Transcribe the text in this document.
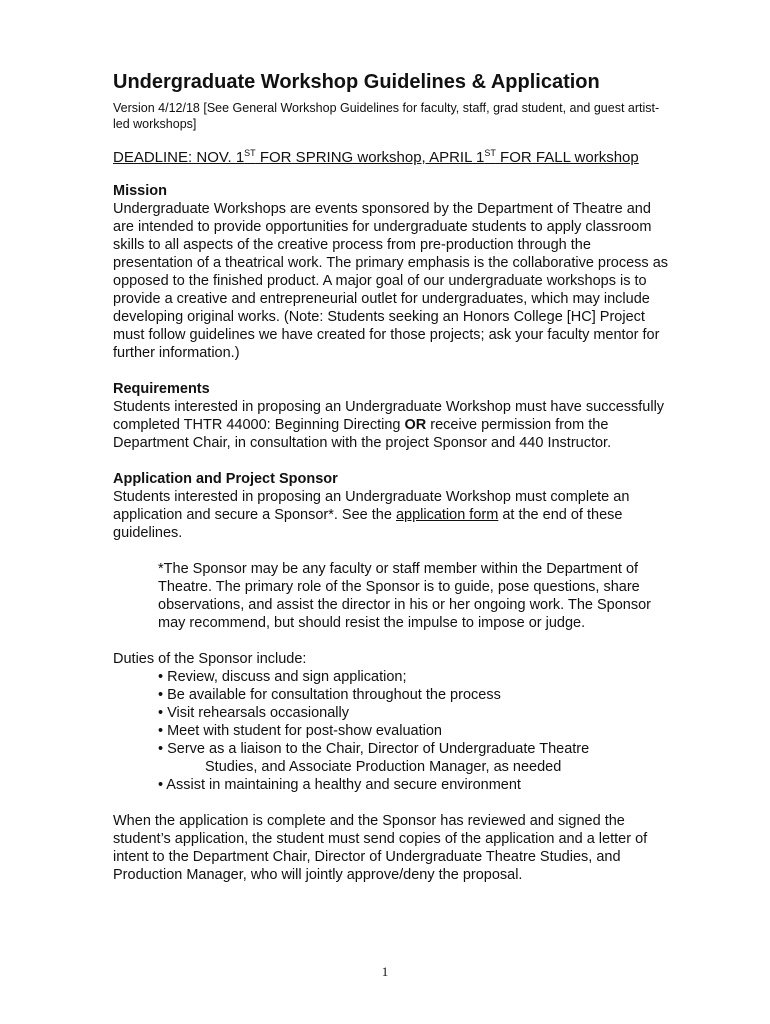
Undergraduate Workshop Guidelines & Application

Version 4/12/18 [See General Workshop Guidelines for faculty, staff, grad student, and guest artist-led workshops]

DEADLINE: NOV. 1ST FOR SPRING workshop, APRIL 1ST FOR FALL workshop

Mission

Undergraduate Workshops are events sponsored by the Department of Theatre and are intended to provide opportunities for undergraduate students to apply classroom skills to all aspects of the creative process from pre-production through the presentation of a theatrical work. The primary emphasis is the collaborative process as opposed to the finished product. A major goal of our undergraduate workshops is to provide a creative and entrepreneurial outlet for undergraduates, which may include developing original works. (Note: Students seeking an Honors College [HC] Project must follow guidelines we have created for those projects; ask your faculty mentor for further information.)

Requirements

Students interested in proposing an Undergraduate Workshop must have successfully completed THTR 44000: Beginning Directing OR receive permission from the Department Chair, in consultation with the project Sponsor and 440 Instructor.

Application and Project Sponsor

Students interested in proposing an Undergraduate Workshop must complete an application and secure a Sponsor*. See the application form at the end of these guidelines.

*The Sponsor may be any faculty or staff member within the Department of Theatre. The primary role of the Sponsor is to guide, pose questions, share observations, and assist the director in his or her ongoing work. The Sponsor may recommend, but should resist the impulse to impose or judge.

Duties of the Sponsor include:

• Review, discuss and sign application;
• Be available for consultation throughout the process
• Visit rehearsals occasionally
• Meet with student for post-show evaluation
• Serve as a liaison to the Chair, Director of Undergraduate Theatre
Studies, and Associate Production Manager, as needed
• Assist in maintaining a healthy and secure environment

When the application is complete and the Sponsor has reviewed and signed the student’s application, the student must send copies of the application and a letter of intent to the Department Chair, Director of Undergraduate Theatre Studies, and Production Manager, who will jointly approve/deny the proposal.

1
